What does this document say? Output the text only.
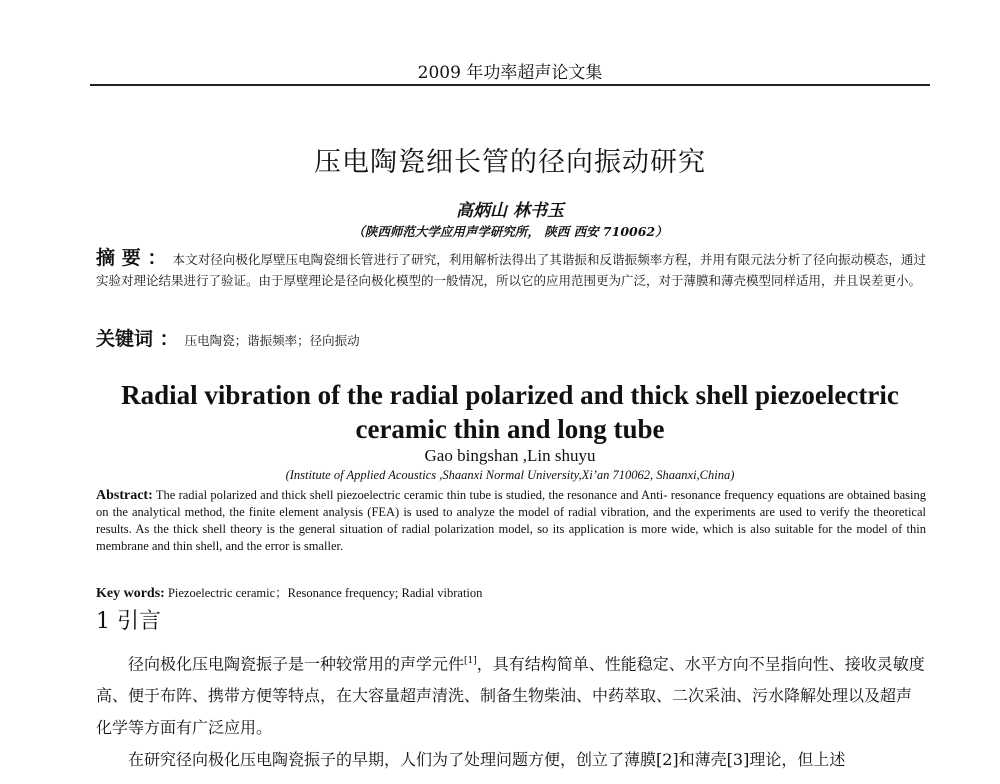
2009 年功率超声论文集
压电陶瓷细长管的径向振动研究
高炳山 林书玉
（陕西师范大学应用声学研究所， 陕西 西安 710062）
摘 要 ： 本文对径向极化厚壁压电陶瓷细长管进行了研究，利用解析法得出了其谐振和反谐振频率方程，并用有限元法分析了径向振动模态，通过实验对理论结果进行了验证。由于厚壁理论是径向极化模型的一般情况，所以它的应用范围更为广泛，对于薄膜和薄壳模型同样适用，并且误差更小。
关键词 ： 压电陶瓷；谐振频率；径向振动
Radial vibration of the radial polarized and thick shell piezoelectric ceramic thin and long tube
Gao bingshan ,Lin shuyu
(Institute of Applied Acoustics ,Shaanxi Normal University,Xi’an 710062, Shaanxi,China)
Abstract: The radial polarized and thick shell piezoelectric ceramic thin tube is studied, the resonance and Anti- resonance frequency equations are obtained basing on the analytical method, the finite element analysis (FEA) is used to analyze the model of radial vibration, and the experiments are used to verify the theoretical results. As the thick shell theory is the general situation of radial polarization model, so its application is more wide, which is also suitable for the model of thin membrane and thin shell, and the error is smaller.
Key words: Piezoelectric ceramic；Resonance frequency; Radial vibration
1 引言

径向极化压电陶瓷振子是一种较常用的声学元件[1]，具有结构简单、性能稳定、水平方向不呈指向性、接收灵敏度高、便于布阵、携带方便等特点，在大容量超声清洗、制备生物柴油、中药萃取、二次采油、污水降解处理以及超声化学等方面有广泛应用。

在研究径向极化压电陶瓷振子的早期，人们为了处理问题方便，创立了薄膜[2]和薄壳[3]理论，但上述
